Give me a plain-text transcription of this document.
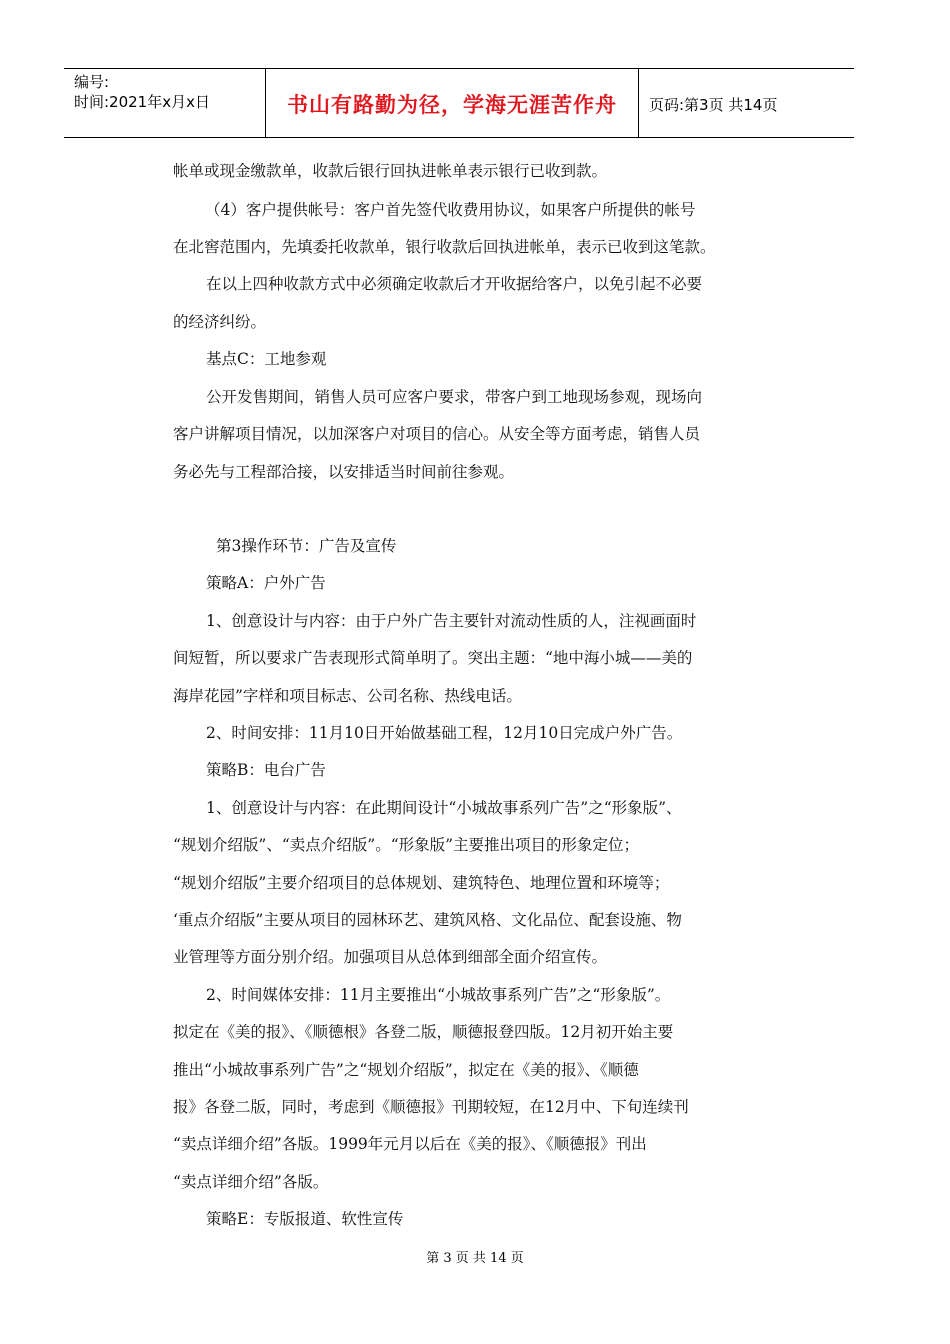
编号:
时间:2021年x月x日	书山有路勤为径，学海无涯苦作舟	页码:第3页 共14页
帐单或现金缴款单，收款后银行回执进帐单表示银行已收到款。
（4）客户提供帐号：客户首先签代收费用协议，如果客户所提供的帐号
在北窖范围内，先填委托收款单，银行收款后回执进帐单，表示已收到这笔款。
在以上四种收款方式中必须确定收款后才开收据给客户，以免引起不必要
的经济纠纷。
基点C：工地参观
公开发售期间，销售人员可应客户要求，带客户到工地现场参观，现场向
客户讲解项目情况，以加深客户对项目的信心。从安全等方面考虑，销售人员
务必先与工程部洽接，以安排适当时间前往参观。
第3操作环节：广告及宣传
策略A：户外广告
1、创意设计与内容：由于户外广告主要针对流动性质的人，注视画面时
间短暂，所以要求广告表现形式简单明了。突出主题：“地中海小城——美的
海岸花园”字样和项目标志、公司名称、热线电话。
2、时间安排：11月10日开始做基础工程，12月10日完成户外广告。
策略B：电台广告
1、创意设计与内容：在此期间设计“小城故事系列广告”之“形象版”、
“规划介绍版”、“卖点介绍版”。“形象版”主要推出项目的形象定位；
“规划介绍版”主要介绍项目的总体规划、建筑特色、地理位置和环境等；
‘重点介绍版”主要从项目的园林环艺、建筑风格、文化品位、配套设施、物
业管理等方面分别介绍。加强项目从总体到细部全面介绍宣传。
2、时间媒体安排：11月主要推出“小城故事系列广告”之“形象版”。
拟定在《美的报》、《顺德根》各登二版，顺德报登四版。12月初开始主要
推出“小城故事系列广告”之“规划介绍版”，拟定在《美的报》、《顺德
报》各登二版，同时，考虑到《顺德报》刊期较短，在12月中、下旬连续刊
“卖点详细介绍”各版。1999年元月以后在《美的报》、《顺德报》刊出
“卖点详细介绍”各版。
策略E：专版报道、软性宣传
第 3 页 共 14 页
